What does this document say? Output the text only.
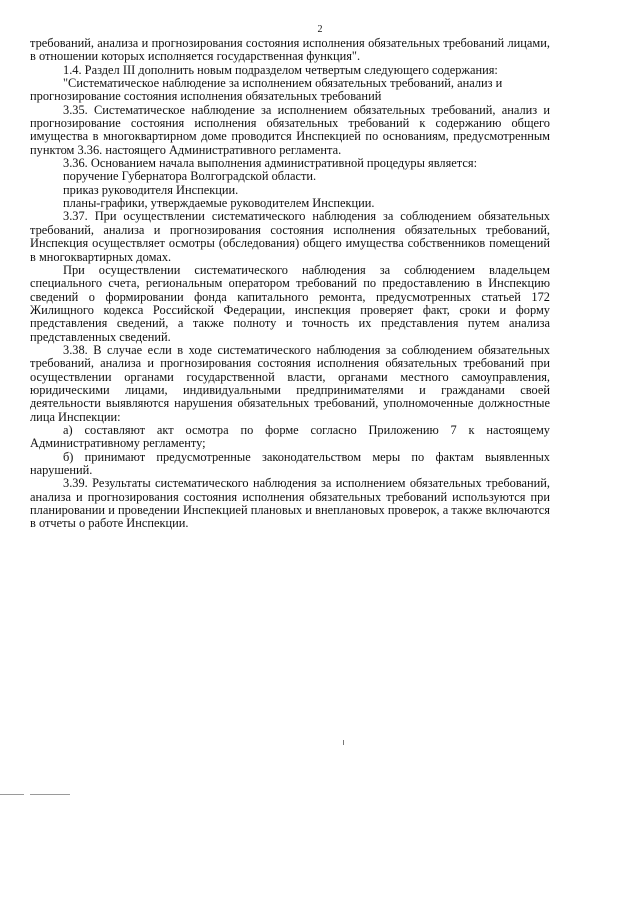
2

требований, анализа и прогнозирования состояния исполнения обязательных требований лицами, в отношении которых исполняется государственная функция".

1.4. Раздел III дополнить новым подразделом четвертым следующего содержания:

"Систематическое наблюдение за исполнением обязательных требований, анализ и прогнозирование состояния исполнения обязательных требований

3.35. Систематическое наблюдение за исполнением обязательных требований, анализ и прогнозирование состояния исполнения обязательных требований к содержанию общего имущества в многоквартирном доме проводится Инспекцией по основаниям, предусмотренным пунктом 3.36. настоящего Административного регламента.

3.36. Основанием начала выполнения административной процедуры является:

поручение Губернатора Волгоградской области.

приказ руководителя Инспекции.

планы-графики, утверждаемые руководителем Инспекции.

3.37. При осуществлении систематического наблюдения за соблюдением обязательных требований, анализа и прогнозирования состояния исполнения обязательных требований, Инспекция осуществляет осмотры (обследования) общего имущества собственников помещений в многоквартирных домах.

При осуществлении систематического наблюдения за соблюдением владельцем специального счета, региональным оператором требований по предоставлению в Инспекцию сведений о формировании фонда капитального ремонта, предусмотренных статьей 172 Жилищного кодекса Российской Федерации, инспекция проверяет факт, сроки и форму представления сведений, а также полноту и точность их представления путем анализа представленных сведений.

3.38. В случае если в ходе систематического наблюдения за соблюдением обязательных требований, анализа и прогнозирования состояния исполнения обязательных требований при осуществлении органами государственной власти, органами местного самоуправления, юридическими лицами, индивидуальными предпринимателями и гражданами своей деятельности выявляются нарушения обязательных требований, уполномоченные должностные лица Инспекции:

а) составляют акт осмотра по форме согласно Приложению 7 к настоящему Административному регламенту;

б) принимают предусмотренные законодательством меры по фактам выявленных нарушений.

3.39. Результаты систематического наблюдения за исполнением обязательных требований, анализа и прогнозирования состояния исполнения обязательных требований используются при планировании и проведении Инспекцией плановых и внеплановых проверок, а также включаются в отчеты о работе Инспекции.
